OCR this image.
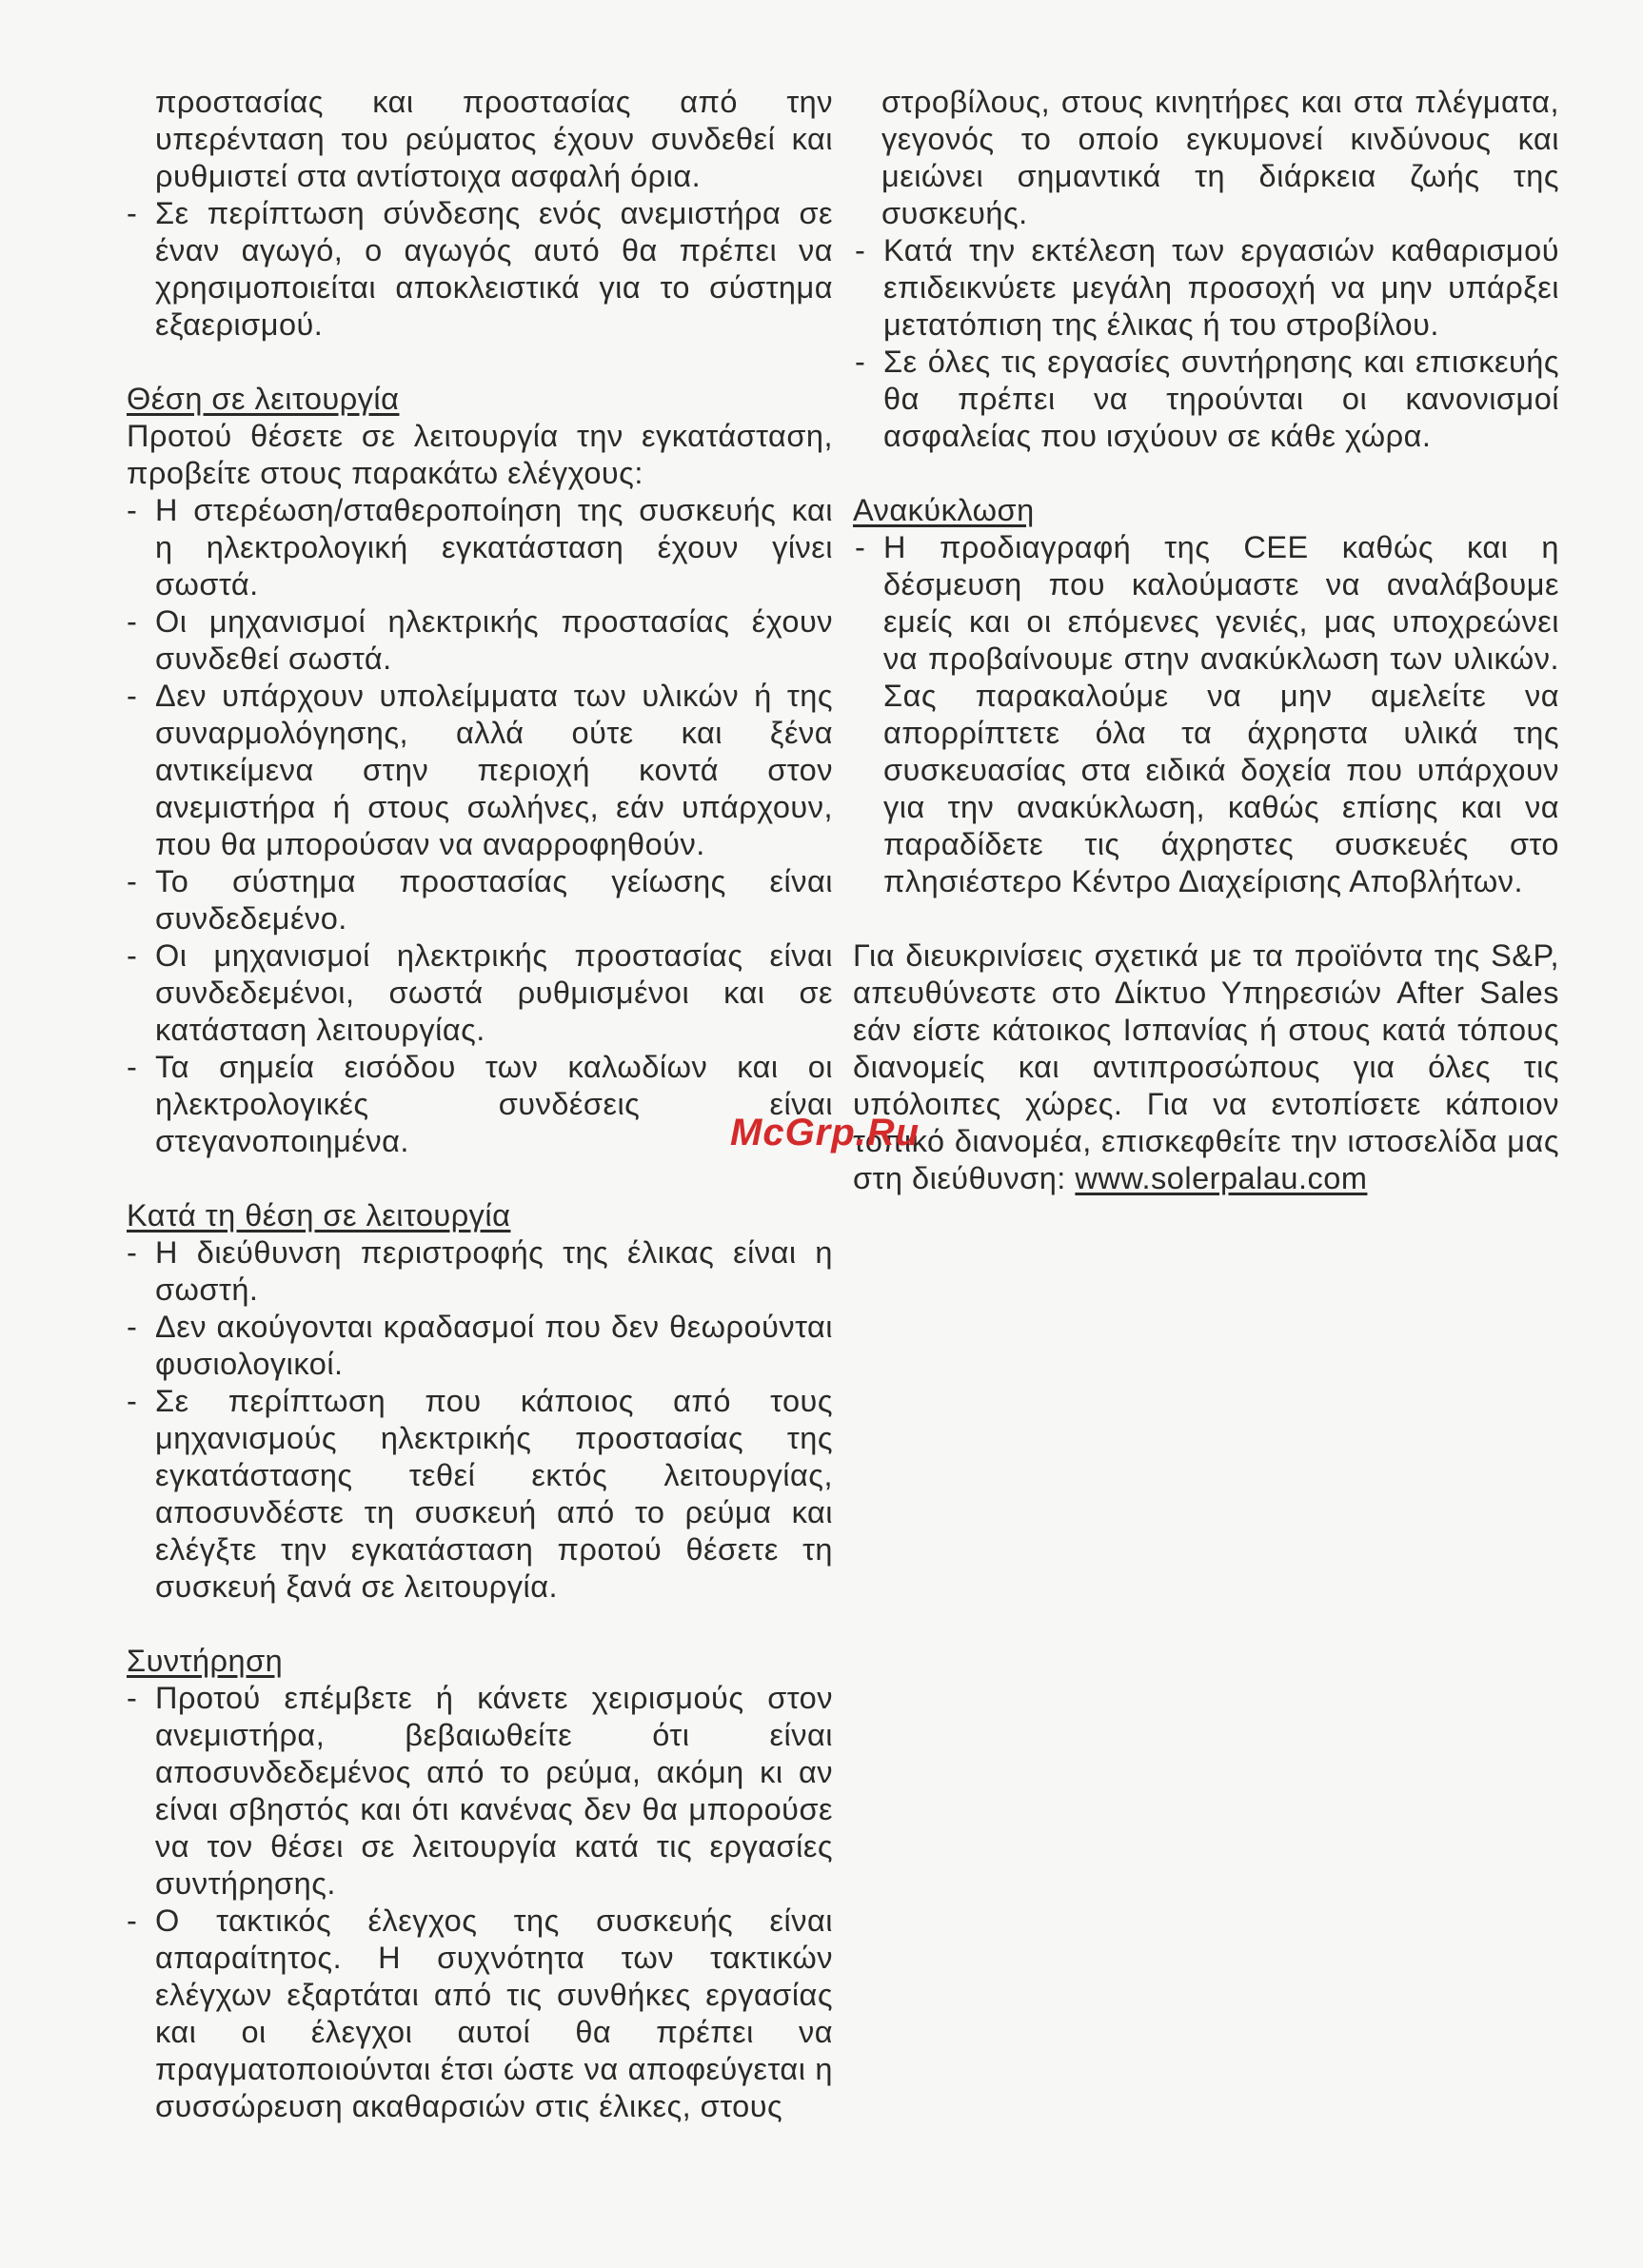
προστασίας και προστασίας από την υπερένταση του ρεύματος έχουν συνδεθεί και ρυθμιστεί στα αντίστοιχα ασφαλή όρια.

- Σε περίπτωση σύνδεσης ενός ανεμιστήρα σε έναν αγωγό, ο αγωγός αυτό θα πρέπει να χρησιμοποιείται αποκλειστικά για το σύστημα εξαερισμού.
Θέση σε λειτουργία

Προτού θέσετε σε λειτουργία την εγκατάσταση, προβείτε στους παρακάτω ελέγχους:

- Η στερέωση/σταθεροποίηση της συσκευής και η ηλεκτρολογική εγκατάσταση έχουν γίνει σωστά.
- Οι μηχανισμοί ηλεκτρικής προστασίας έχουν συνδεθεί σωστά.
- Δεν υπάρχουν υπολείμματα των υλικών ή της συναρμολόγησης, αλλά ούτε και ξένα αντικείμενα στην περιοχή κοντά στον ανεμιστήρα ή στους σωλήνες, εάν υπάρχουν, που θα μπορούσαν να αναρροφηθούν.
- Το σύστημα προστασίας γείωσης είναι συνδεδεμένο.
- Οι μηχανισμοί ηλεκτρικής προστασίας είναι συνδεδεμένοι, σωστά ρυθμισμένοι και σε κατάσταση λειτουργίας.
- Τα σημεία εισόδου των καλωδίων και οι ηλεκτρολογικές συνδέσεις είναι στεγανοποιημένα.
Κατά τη θέση σε λειτουργία
- Η διεύθυνση περιστροφής της έλικας είναι η σωστή.
- Δεν ακούγονται κραδασμοί που δεν θεωρούνται φυσιολογικοί.
- Σε περίπτωση που κάποιος από τους μηχανισμούς ηλεκτρικής προστασίας της εγκατάστασης τεθεί εκτός λειτουργίας, αποσυνδέστε τη συσκευή από το ρεύμα και ελέγξτε την εγκατάσταση προτού θέσετε τη συσκευή ξανά σε λειτουργία.
Συντήρηση
- Προτού επέμβετε ή κάνετε χειρισμούς στον ανεμιστήρα, βεβαιωθείτε ότι είναι αποσυνδεδεμένος από το ρεύμα, ακόμη κι αν είναι σβηστός και ότι κανένας δεν θα μπορούσε να τον θέσει σε λειτουργία κατά τις εργασίες συντήρησης.
- Ο τακτικός έλεγχος της συσκευής είναι απαραίτητος. Η συχνότητα των τακτικών ελέγχων εξαρτάται από τις συνθήκες εργασίας και οι έλεγχοι αυτοί θα πρέπει να πραγματοποιούνται έτσι ώστε να αποφεύγεται η συσσώρευση ακαθαρσιών στις έλικες, στους

στροβίλους, στους κινητήρες και στα πλέγματα, γεγονός το οποίο εγκυμονεί κινδύνους και μειώνει σημαντικά τη διάρκεια ζωής της συσκευής.

- Κατά την εκτέλεση των εργασιών καθαρισμού επιδεικνύετε μεγάλη προσοχή να μην υπάρξει μετατόπιση της έλικας ή του στροβίλου.
- Σε όλες τις εργασίες συντήρησης και επισκευής θα πρέπει να τηρούνται οι κανονισμοί ασφαλείας που ισχύουν σε κάθε χώρα.
Ανακύκλωση
- Η προδιαγραφή της CEE καθώς και η δέσμευση που καλούμαστε να αναλάβουμε εμείς και οι επόμενες γενιές, μας υποχρεώνει να προβαίνουμε στην ανακύκλωση των υλικών. Σας παρακαλούμε να μην αμελείτε να απορρίπτετε όλα τα άχρηστα υλικά της συσκευασίας στα ειδικά δοχεία που υπάρχουν για την ανακύκλωση, καθώς επίσης και να παραδίδετε τις άχρηστες συσκευές στο πλησιέστερο Κέντρο Διαχείρισης Αποβλήτων.

Για διευκρινίσεις σχετικά με τα προϊόντα της S&P, απευθύνεστε στο Δίκτυο Υπηρεσιών After Sales εάν είστε κάτοικος Ισπανίας ή στους κατά τόπους διανομείς και αντιπροσώπους για όλες τις υπόλοιπες χώρες. Για να εντοπίσετε κάποιον τοπικό διανομέα, επισκεφθείτε την ιστοσελίδα μας στη διεύθυνση: www.solerpalau.com

McGrp.Ru
